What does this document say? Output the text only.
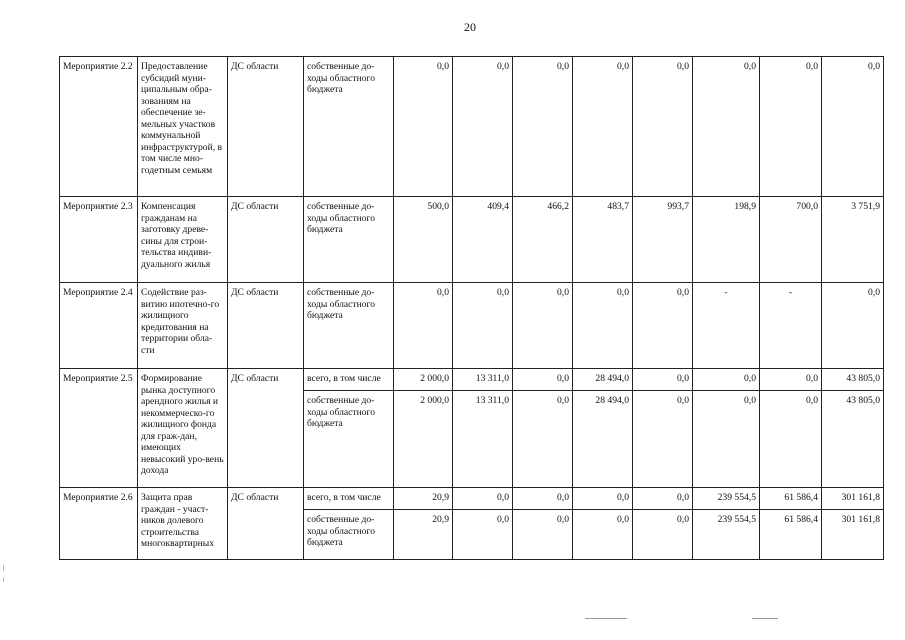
20
Мероприятие 2.2	Предоставление субсидий муни-ципальным обра-зованиям на обеспечение зе-мельных участков коммунальной инфраструктурой, в том числе мно-годетным семьям	ДС области	собственные до-ходы областного бюджета	0,0	0,0	0,0	0,0	0,0	0,0	0,0	0,0
Мероприятие 2.3	Компенсация гражданам на заготовку древе-сины для строи-тельства индиви-дуального жилья	ДС области	собственные до-ходы областного бюджета	500,0	409,4	466,2	483,7	993,7	198,9	700,0	3 751,9
Мероприятие 2.4	Содействие раз-витию ипотечно-го жилищного кредитования на территории обла-сти	ДС области	собственные до-ходы областного бюджета	0,0	0,0	0,0	0,0	0,0	-	-	0,0
Мероприятие 2.5	Формирование рынка доступного арендного жилья и некоммерческо-го жилищного фонда для граж-дан, имеющих невысокий уро-вень дохода	ДС области	всего, в том числе	2 000,0	13 311,0	0,0	28 494,0	0,0	0,0	0,0	43 805,0
			собственные до-ходы областного бюджета	2 000,0	13 311,0	0,0	28 494,0	0,0	0,0	0,0	43 805,0
Мероприятие 2.6	Защита прав граждан - участ-ников долевого строительства многоквартирных	ДС области	всего, в том числе	20,9	0,0	0,0	0,0	0,0	239 554,5	61 586,4	301 161,8
			собственные до-ходы областного бюджета	20,9	0,0	0,0	0,0	0,0	239 554,5	61 586,4	301 161,8
